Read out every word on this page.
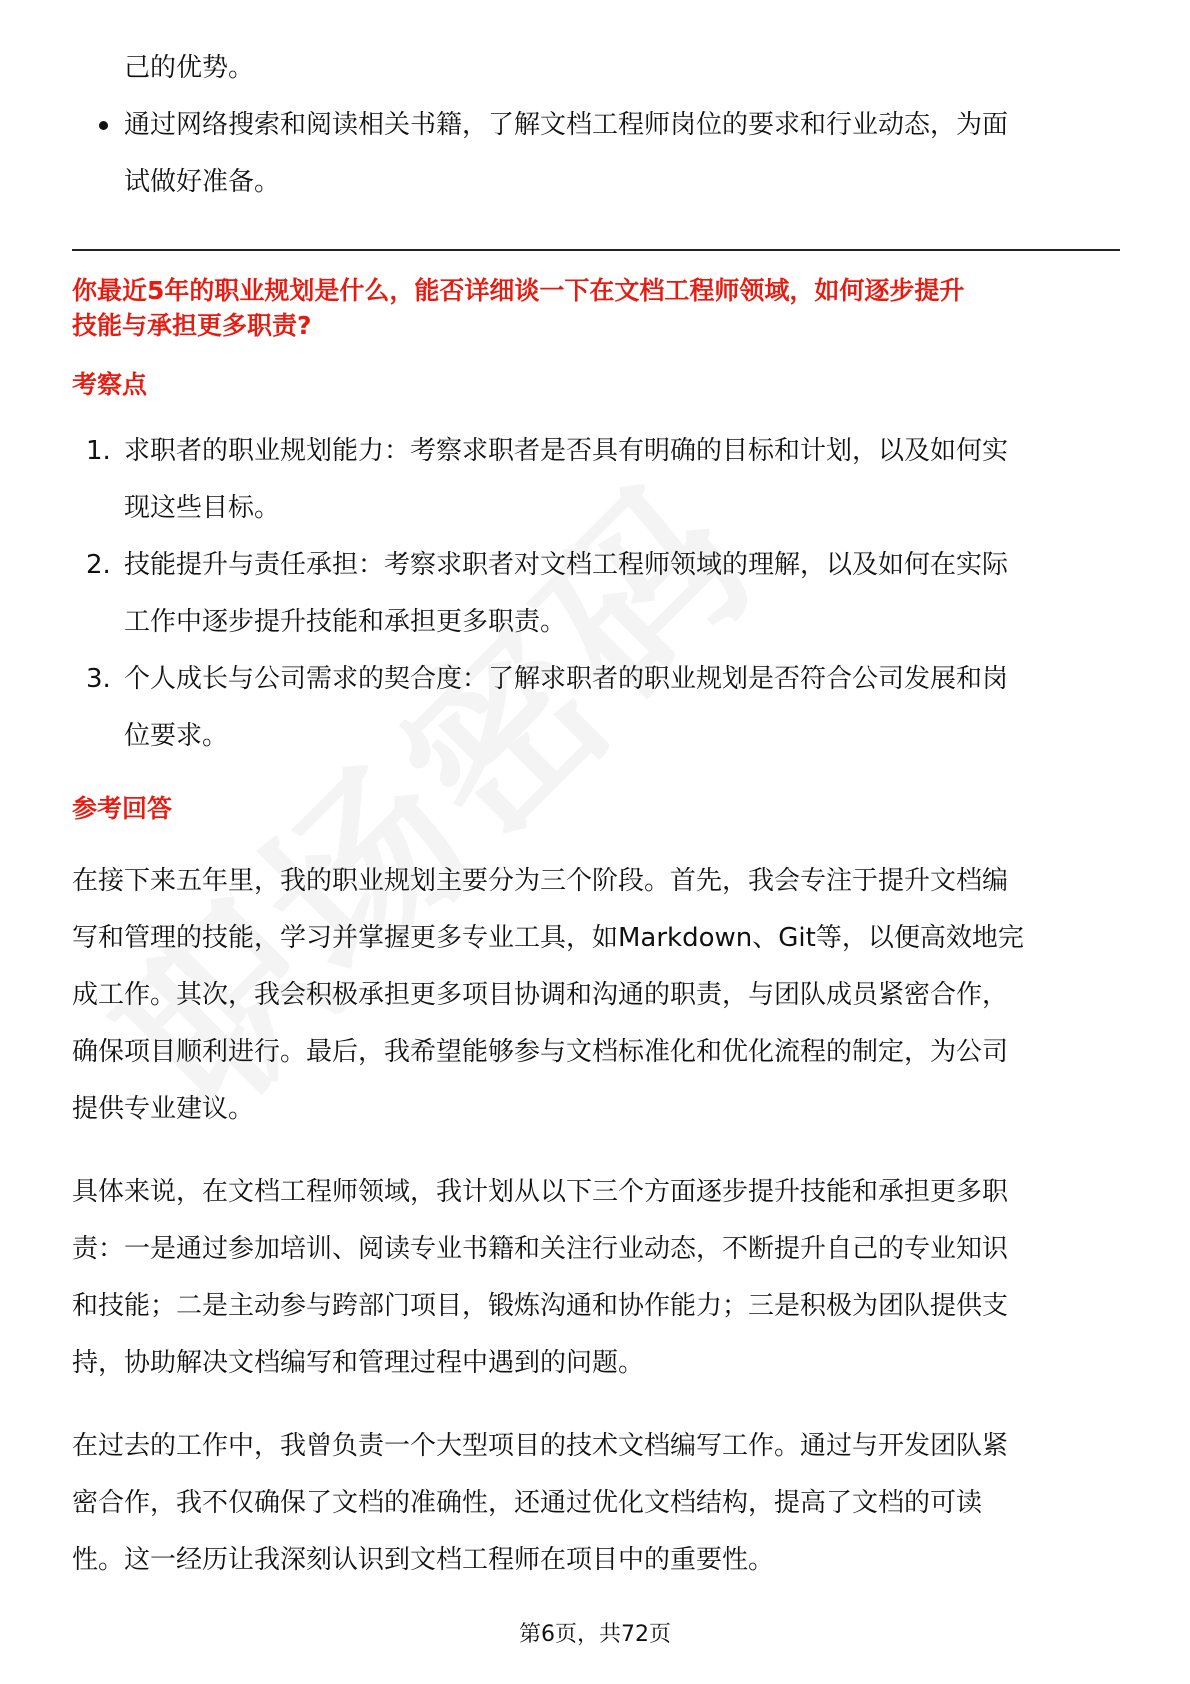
己的优势。
通过网络搜索和阅读相关书籍，了解文档工程师岗位的要求和行业动态，为面
试做好准备。
你最近5年的职业规划是什么，能否详细谈一下在文档工程师领域，如何逐步提升
技能与承担更多职责?
考察点
1. 求职者的职业规划能力：考察求职者是否具有明确的目标和计划，以及如何实
现这些目标。
2. 技能提升与责任承担：考察求职者对文档工程师领域的理解，以及如何在实际
工作中逐步提升技能和承担更多职责。
3. 个人成长与公司需求的契合度：了解求职者的职业规划是否符合公司发展和岗
位要求。
参考回答
在接下来五年里，我的职业规划主要分为三个阶段。首先，我会专注于提升文档编
写和管理的技能，学习并掌握更多专业工具，如Markdown、Git等，以便高效地完
成工作。其次，我会积极承担更多项目协调和沟通的职责，与团队成员紧密合作，
确保项目顺利进行。最后，我希望能够参与文档标准化和优化流程的制定，为公司
提供专业建议。
具体来说，在文档工程师领域，我计划从以下三个方面逐步提升技能和承担更多职
责：一是通过参加培训、阅读专业书籍和关注行业动态，不断提升自己的专业知识
和技能；二是主动参与跨部门项目，锻炼沟通和协作能力；三是积极为团队提供支
持，协助解决文档编写和管理过程中遇到的问题。
在过去的工作中，我曾负责一个大型项目的技术文档编写工作。通过与开发团队紧
密合作，我不仅确保了文档的准确性，还通过优化文档结构，提高了文档的可读
性。这一经历让我深刻认识到文档工程师在项目中的重要性。
第6页，共72页
